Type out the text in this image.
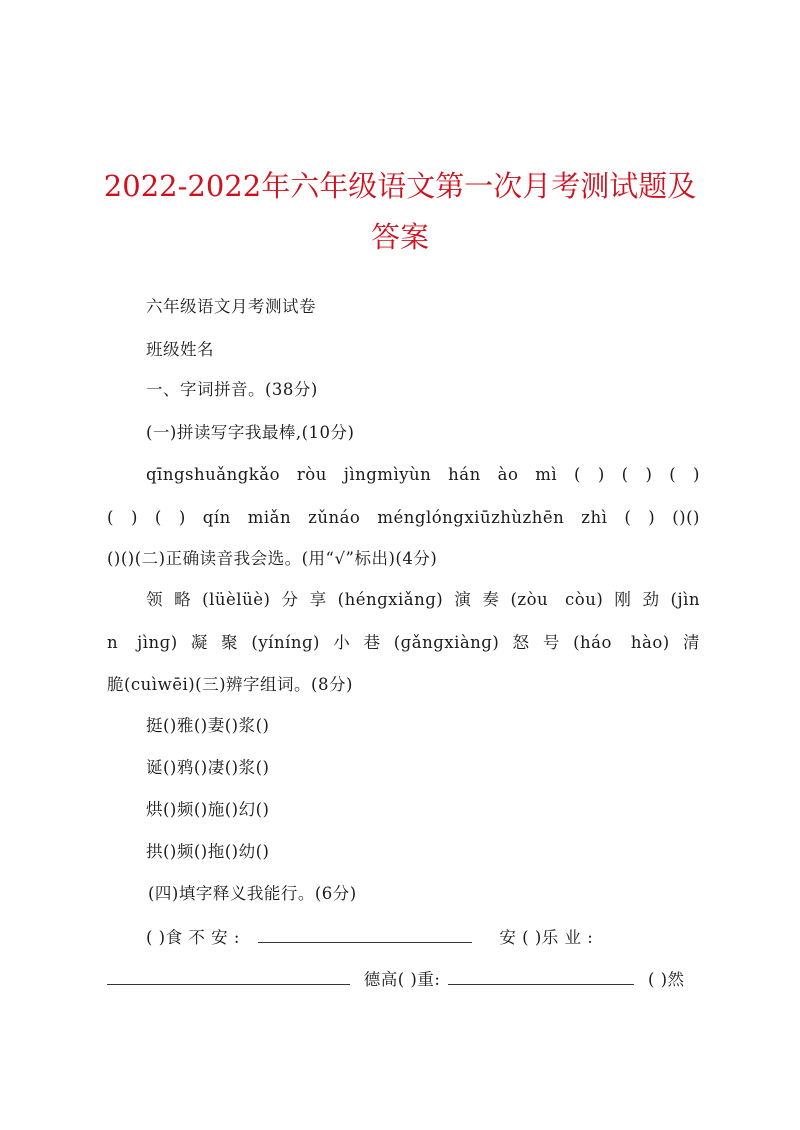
2022-2022年六年级语文第一次月考测试题及
答案
六年级语文月考测试卷
班级姓名
一、字词拼音。(38分)
(一)拼读写字我最棒,(10分)
qīngshuǎngkǎo ròu jìngmìyùn hán ào mì ( ) ( ) ( )
( ) ( ) qín miǎn zǔnáo ménglóngxiūzhùzhēn zhì ( ) ()()
()()(二)正确读音我会选。(用“√”标出)(4分)
领略(lüèlüè)分享(hénɡxiǎnɡ)演奏(zòu còu)刚劲(jìn
n jìnɡ)凝聚(yínínɡ)小巷(ɡǎnɡxiànɡ)怒号(háo hào)清
脆(cuìwēi)(三)辨字组词。(8分)
挺()雅()妻()浆()
诞()鸦()凄()浆()
烘()频()施()幻()
拱()频()拖()幼()
(四)填字释义我能行。(6分)
( )食 不 安 :	安 ( )乐 业 :
德高( )重:	( )然
